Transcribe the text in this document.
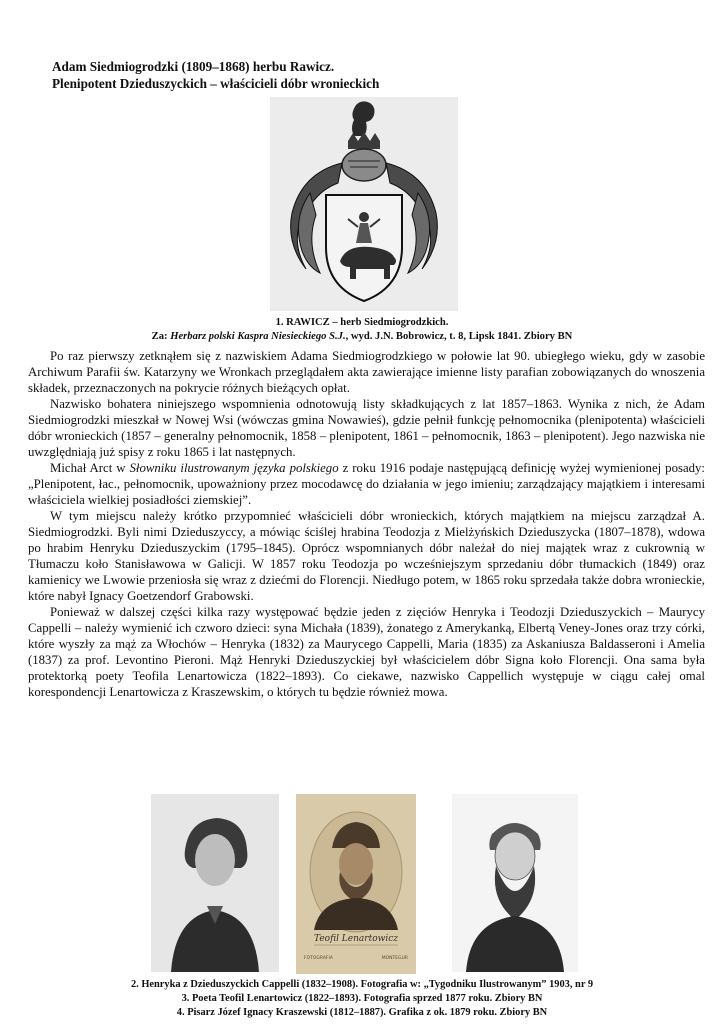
Adam Siedmiogrodzki (1809–1868) herbu Rawicz.
Plenipotent Dzieduszyckich – właścicieli dóbr wronieckich
1. RAWICZ – herb Siedmiogrodzkich.
Za: Herbarz polski Kaspra Niesieckiego S.J., wyd. J.N. Bobrowicz, t. 8, Lipsk 1841. Zbiory BN

Po raz pierwszy zetknąłem się z nazwiskiem Adama Siedmiogrodzkiego w połowie lat 90. ubiegłego wieku, gdy w zasobie Archiwum Parafii św. Katarzyny we Wronkach przeglądałem akta zawierające imienne listy parafian zobowiązanych do wnoszenia składek, przeznaczonych na pokrycie różnych bieżących opłat.

Nazwisko bohatera niniejszego wspomnienia odnotowują listy składkujących z lat 1857–1863. Wynika z nich, że Adam Siedmiogrodzki mieszkał w Nowej Wsi (wówczas gmina Nowawieś), gdzie pełnił funkcję pełnomocnika (plenipotenta) właścicieli dóbr wronieckich (1857 – generalny pełnomocnik, 1858 – plenipotent, 1861 – pełnomocnik, 1863 – plenipotent). Jego nazwiska nie uwzględniają już spisy z roku 1865 i lat następnych.

Michał Arct w Słowniku ilustrowanym języka polskiego z roku 1916 podaje następującą definicję wyżej wymienionej posady: „Plenipotent, łac., pełnomocnik, upoważniony przez mocodawcę do działania w jego imieniu; zarządzający majątkiem i interesami właściciela wielkiej posiadłości ziemskiej”.

W tym miejscu należy krótko przypomnieć właścicieli dóbr wronieckich, których majątkiem na miejscu zarządzał A. Siedmiogrodzki. Byli nimi Dzieduszyccy, a mówiąc ściślej hrabina Teodozja z Mielżyńskich Dzieduszycka (1807–1878), wdowa po hrabim Henryku Dzieduszyckim (1795–1845). Oprócz wspomnianych dóbr należał do niej majątek wraz z cukrownią w Tłumaczu koło Stanisławowa w Galicji. W 1857 roku Teodozja po wcześniejszym sprzedaniu dóbr tłumackich (1849) oraz kamienicy we Lwowie przeniosła się wraz z dziećmi do Florencji. Niedługo potem, w 1865 roku sprzedała także dobra wronieckie, które nabył Ignacy Goetzendorf Grabowski.

Ponieważ w dalszej części kilka razy występować będzie jeden z zięciów Henryka i Teodozji Dzieduszyckich – Maurycy Cappelli – należy wymienić ich czworo dzieci: syna Michała (1839), żonatego z Amerykanką, Elbertą Veney-Jones oraz trzy córki, które wyszły za mąż za Włochów – Henryka (1832) za Maurycego Cappelli, Maria (1835) za Askaniusza Baldasseroni i Amelia (1837) za prof. Levontino Pieroni. Mąż Henryki Dzieduszyckiej był właścicielem dóbr Signa koło Florencji. Ona sama była protektorką poety Teofila Lenartowicza (1822–1893). Co ciekawe, nazwisko Cappellich występuje w ciągu całej omal korespondencji Lenartowicza z Kraszewskim, o których tu będzie również mowa.

Teofil Lenartowicz
FOTOGRAFIA	MONTEGUR
2. Henryka z Dzieduszyckich Cappelli (1832–1908). Fotografia w: „Tygodniku Ilustrowanym” 1903, nr 9
3. Poeta Teofil Lenartowicz (1822–1893). Fotografia sprzed 1877 roku. Zbiory BN
4. Pisarz Józef Ignacy Kraszewski (1812–1887). Grafika z ok. 1879 roku. Zbiory BN
